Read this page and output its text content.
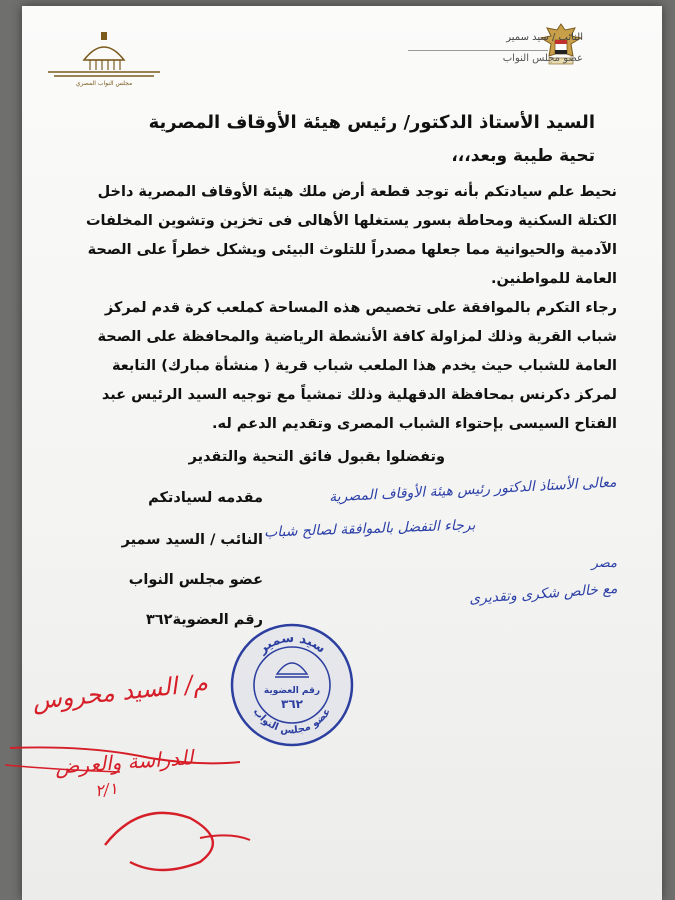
النائب / سيد سمير
عضو مجلس النواب
مجلس النواب المصري
السيد الأستاذ الدكتور/ رئيس هيئة الأوقاف المصرية
تحية طيبة وبعد،،،
نحيط علم سيادتكم بأنه توجد قطعة أرض ملك هيئة الأوقاف المصرية داخل الكتلة السكنية ومحاطة بسور يستغلها الأهالى فى تخزين وتشوين المخلفات الآدمية والحيوانية مما جعلها مصدراً للتلوث البيئى ويشكل خطراً على الصحة العامة للمواطنين.
رجاء التكرم بالموافقة على تخصيص هذه المساحة كملعب كرة قدم لمركز شباب القرية وذلك لمزاولة كافة الأنشطة الرياضية والمحافظة على الصحة العامة للشباب حيث يخدم هذا الملعب شباب قرية ( منشأة مبارك) التابعة لمركز دكرنس بمحافظة الدقهلية وذلك تمشياً مع توجيه السيد الرئيس عبد الفتاح السيسى بإحتواء الشباب المصرى وتقديم الدعم له.
وتفضلوا بقبول فائق التحية والتقدير
مقدمه لسيادتكم
النائب / السيد سمير
عضو مجلس النواب
رقم العضوية٣٦٢
معالى الأستاذ الدكتور رئيس هيئة الأوقاف المصرية
برجاء التفضل بالموافقة لصالح شباب
مصر
مع خالص شكرى وتقديرى
سيد سمير
عضو مجلس النواب
رقم العضوية
٣٦٢
م/ السيد محروس
للدراسة والعرض
٢/١
